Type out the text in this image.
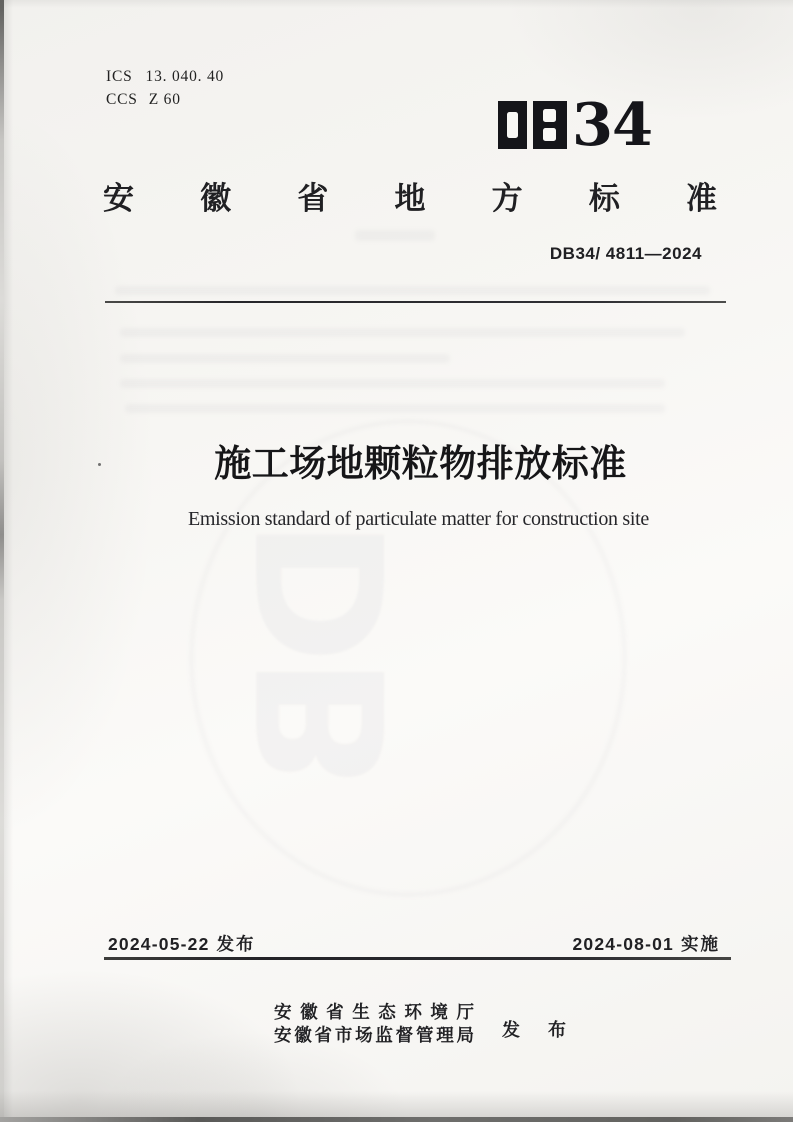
DB
ICS 13. 040. 40
CCS Z 60	34
安徽省地方标准
DB34/ 4811—2024
施工场地颗粒物排放标准
Emission standard of particulate matter for construction site
2024-05-22 发布	2024-08-01 实施
安徽省生态环境厅
安徽省市场监督管理局 发布
